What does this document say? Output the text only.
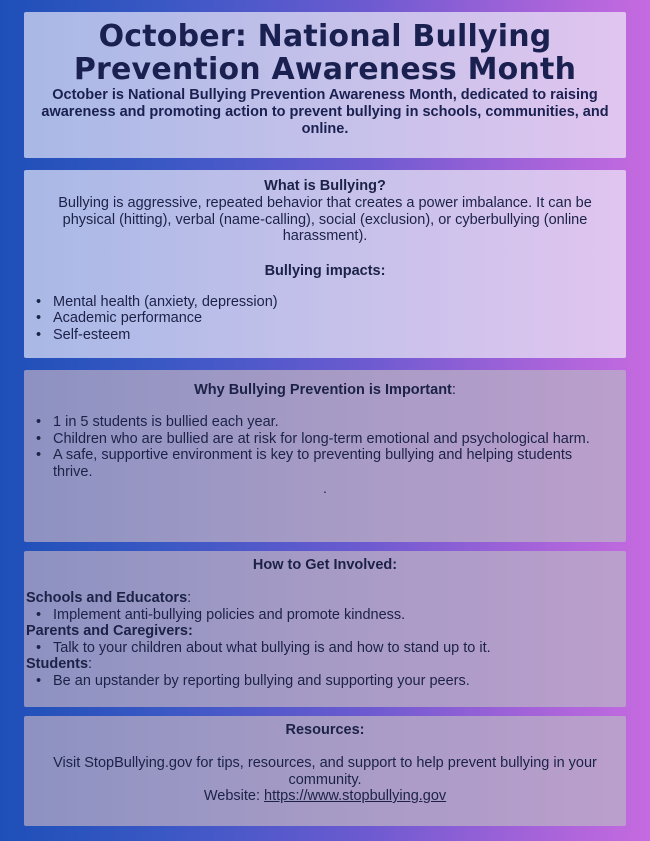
October: National Bullying Prevention Awareness Month

October is National Bullying Prevention Awareness Month, dedicated to raising awareness and promoting action to prevent bullying in schools, communities, and online.

What is Bullying?
Bullying is aggressive, repeated behavior that creates a power imbalance. It can be physical (hitting), verbal (name-calling), social (exclusion), or cyberbullying (online harassment).
Bullying impacts:
• Mental health (anxiety, depression)
• Academic performance
• Self-esteem
Why Bullying Prevention is Important:
• 1 in 5 students is bullied each year.
• Children who are bullied are at risk for long-term emotional and psychological harm.
• A safe, supportive environment is key to preventing bullying and helping students thrive.
.
How to Get Involved:
Schools and Educators:
• Implement anti-bullying policies and promote kindness.
Parents and Caregivers:
• Talk to your children about what bullying is and how to stand up to it.
Students:
• Be an upstander by reporting bullying and supporting your peers.
Resources:
Visit StopBullying.gov for tips, resources, and support to help prevent bullying in your community.
Website: https://www.stopbullying.gov
